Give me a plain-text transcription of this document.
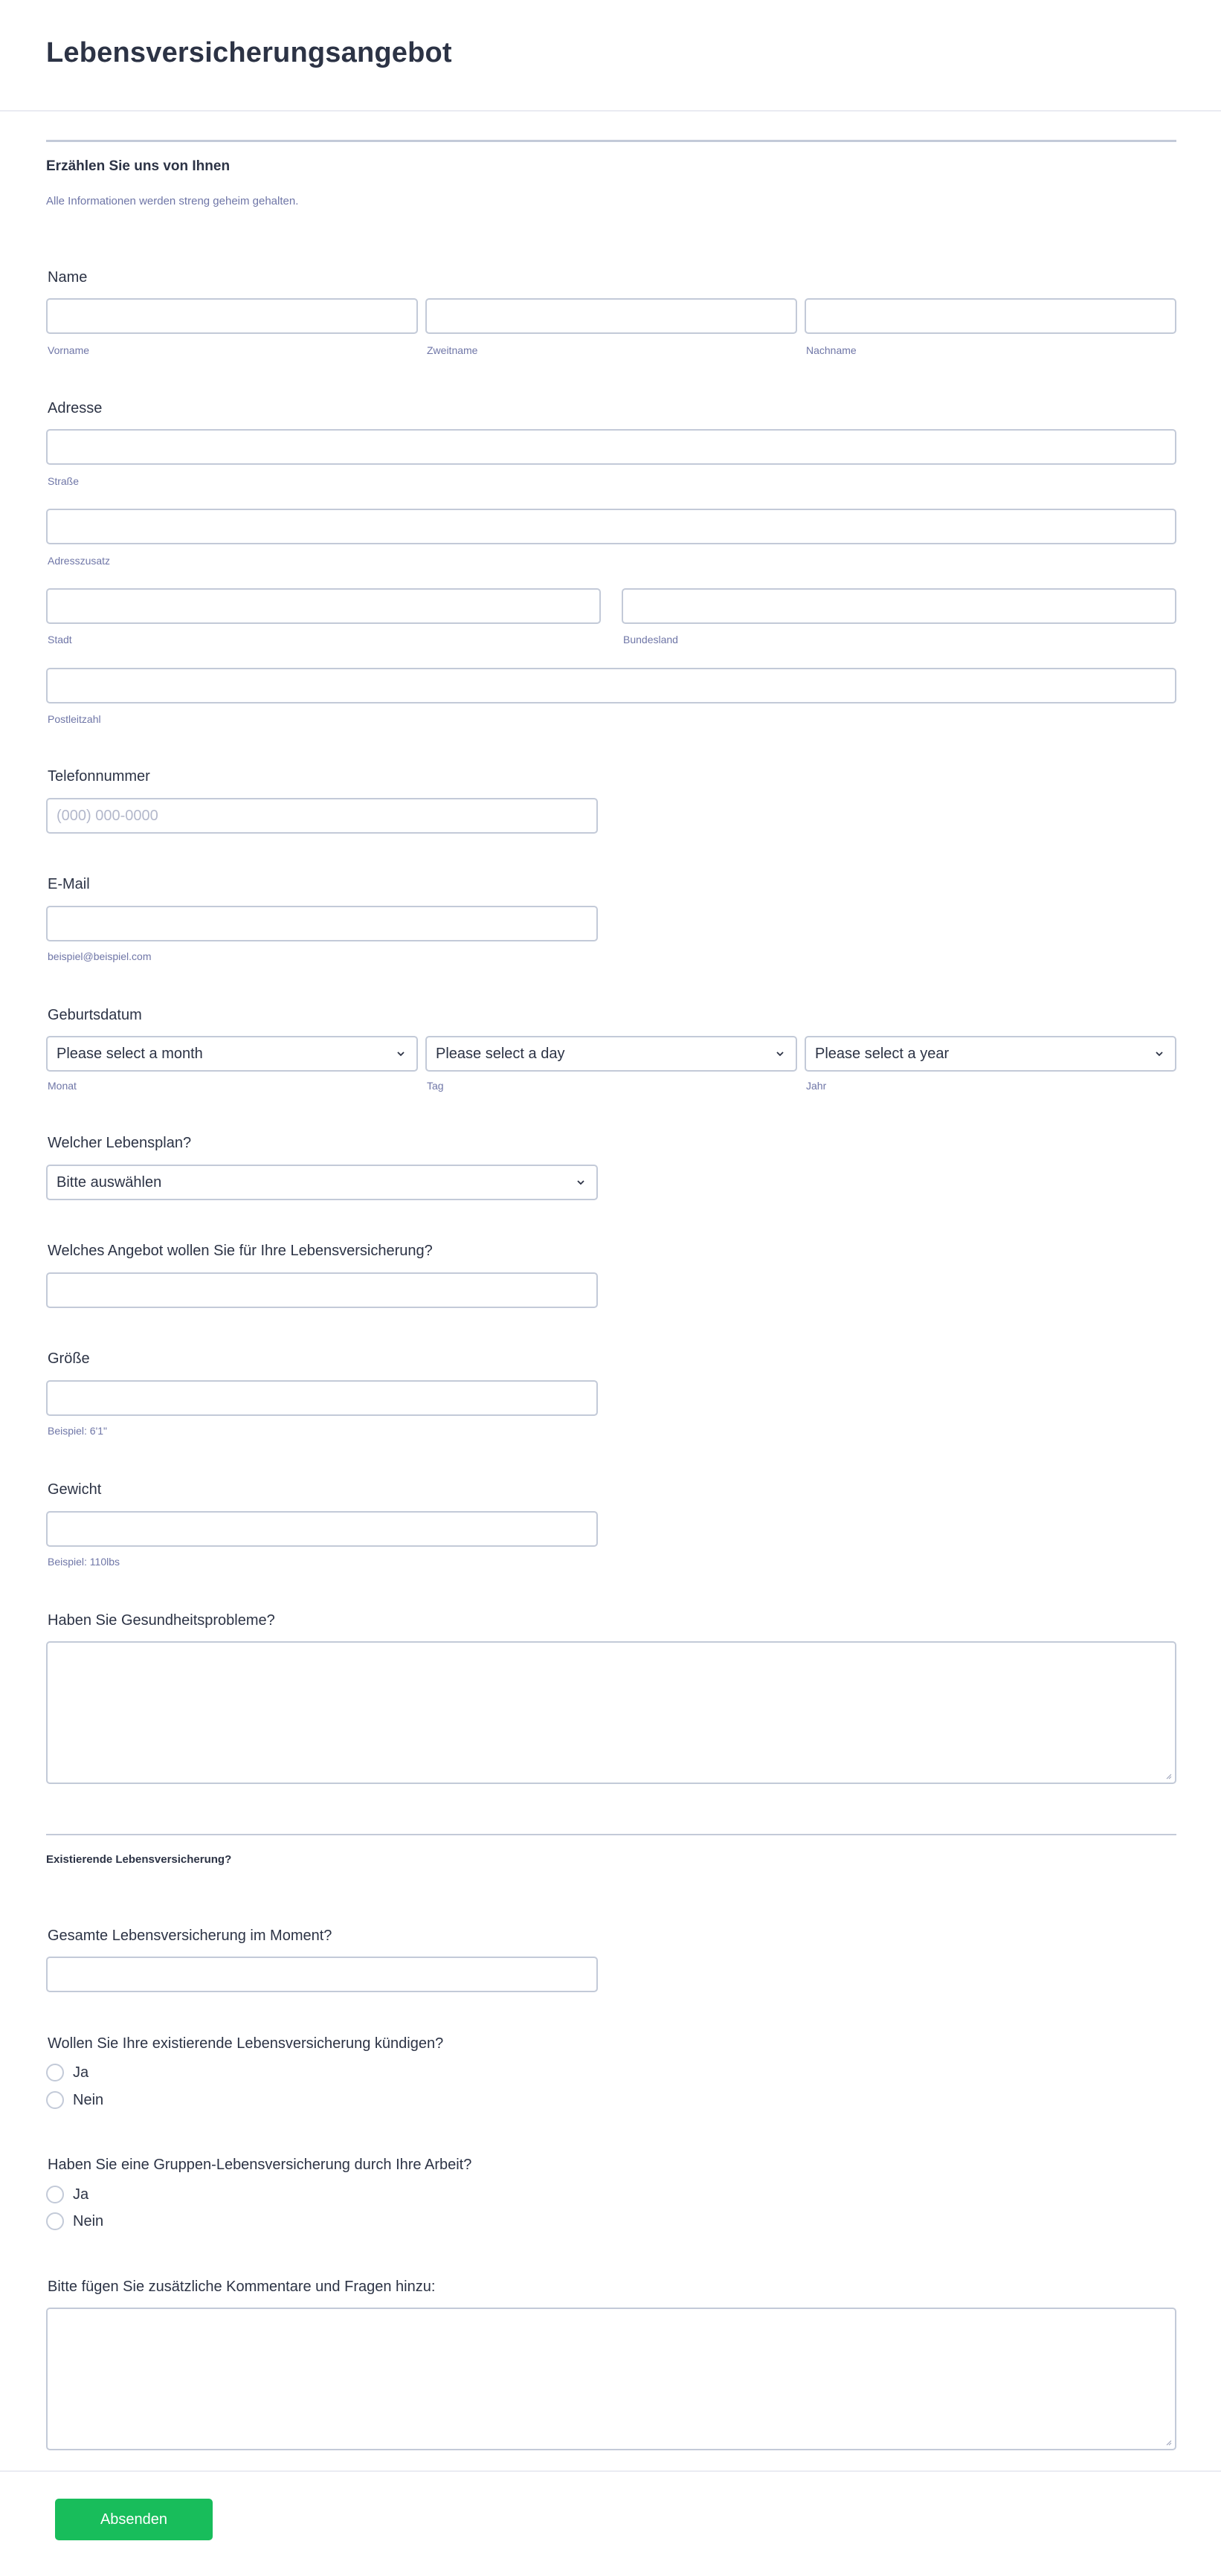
Lebensversicherungsangebot
Erzählen Sie uns von Ihnen
Alle Informationen werden streng geheim gehalten.
Name
Vorname	Zweitname	Nachname
Adresse
Straße
Adresszusatz
Stadt	Bundesland
Postleitzahl
Telefonnummer
(000) 000-0000
E-Mail
beispiel@beispiel.com
Geburtsdatum
Please select a month	Please select a day	Please select a year
Monat	Tag	Jahr
Welcher Lebensplan?
Bitte auswählen
Welches Angebot wollen Sie für Ihre Lebensversicherung?
Größe
Beispiel: 6'1"
Gewicht
Beispiel: 110lbs
Haben Sie Gesundheitsprobleme?
Existierende Lebensversicherung?
Gesamte Lebensversicherung im Moment?
Wollen Sie Ihre existierende Lebensversicherung kündigen?
Ja
Nein
Haben Sie eine Gruppen-Lebensversicherung durch Ihre Arbeit?
Ja
Nein
Bitte fügen Sie zusätzliche Kommentare und Fragen hinzu:
Absenden
